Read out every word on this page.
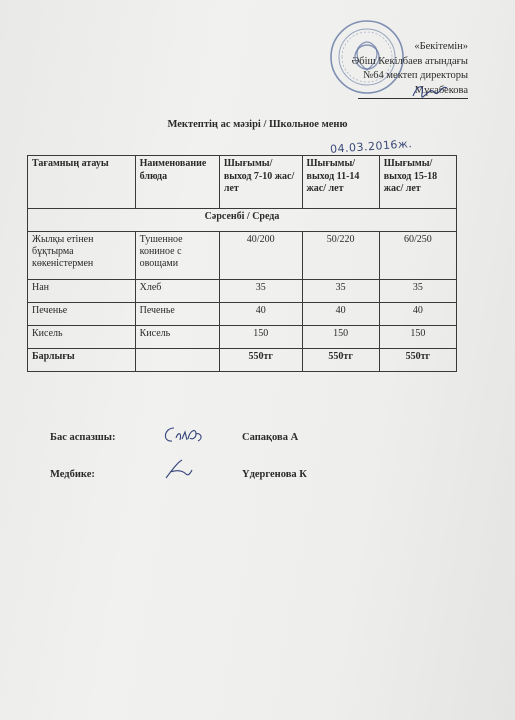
«Бекітемін»
Әбіш Кекілбаев атындағы
№64 мектеп директоры
Мұсабекова
Мектептің ас мәзірі / Школьное меню
04.03.2016ж.
Тағамның атауы	Наименование блюда	Шығымы/ выход 7-10 жас/ лет	Шығымы/ выход 11-14 жас/ лет	Шығымы/ выход 15-18 жас/ лет
Сәрсенбі / Среда				
Жылқы етінен бұқтырма көкеністермен	Тушенное кониное с овощами	40/200	50/220	60/250
Нан	Хлеб	35	35	35
Печенье	Печенье	40	40	40
Кисель	Кисель	150	150	150
Барлығы		550тг	550тг	550тг
Бас аспазшы:	Сапақова А
Медбике:	Үдергенова К
